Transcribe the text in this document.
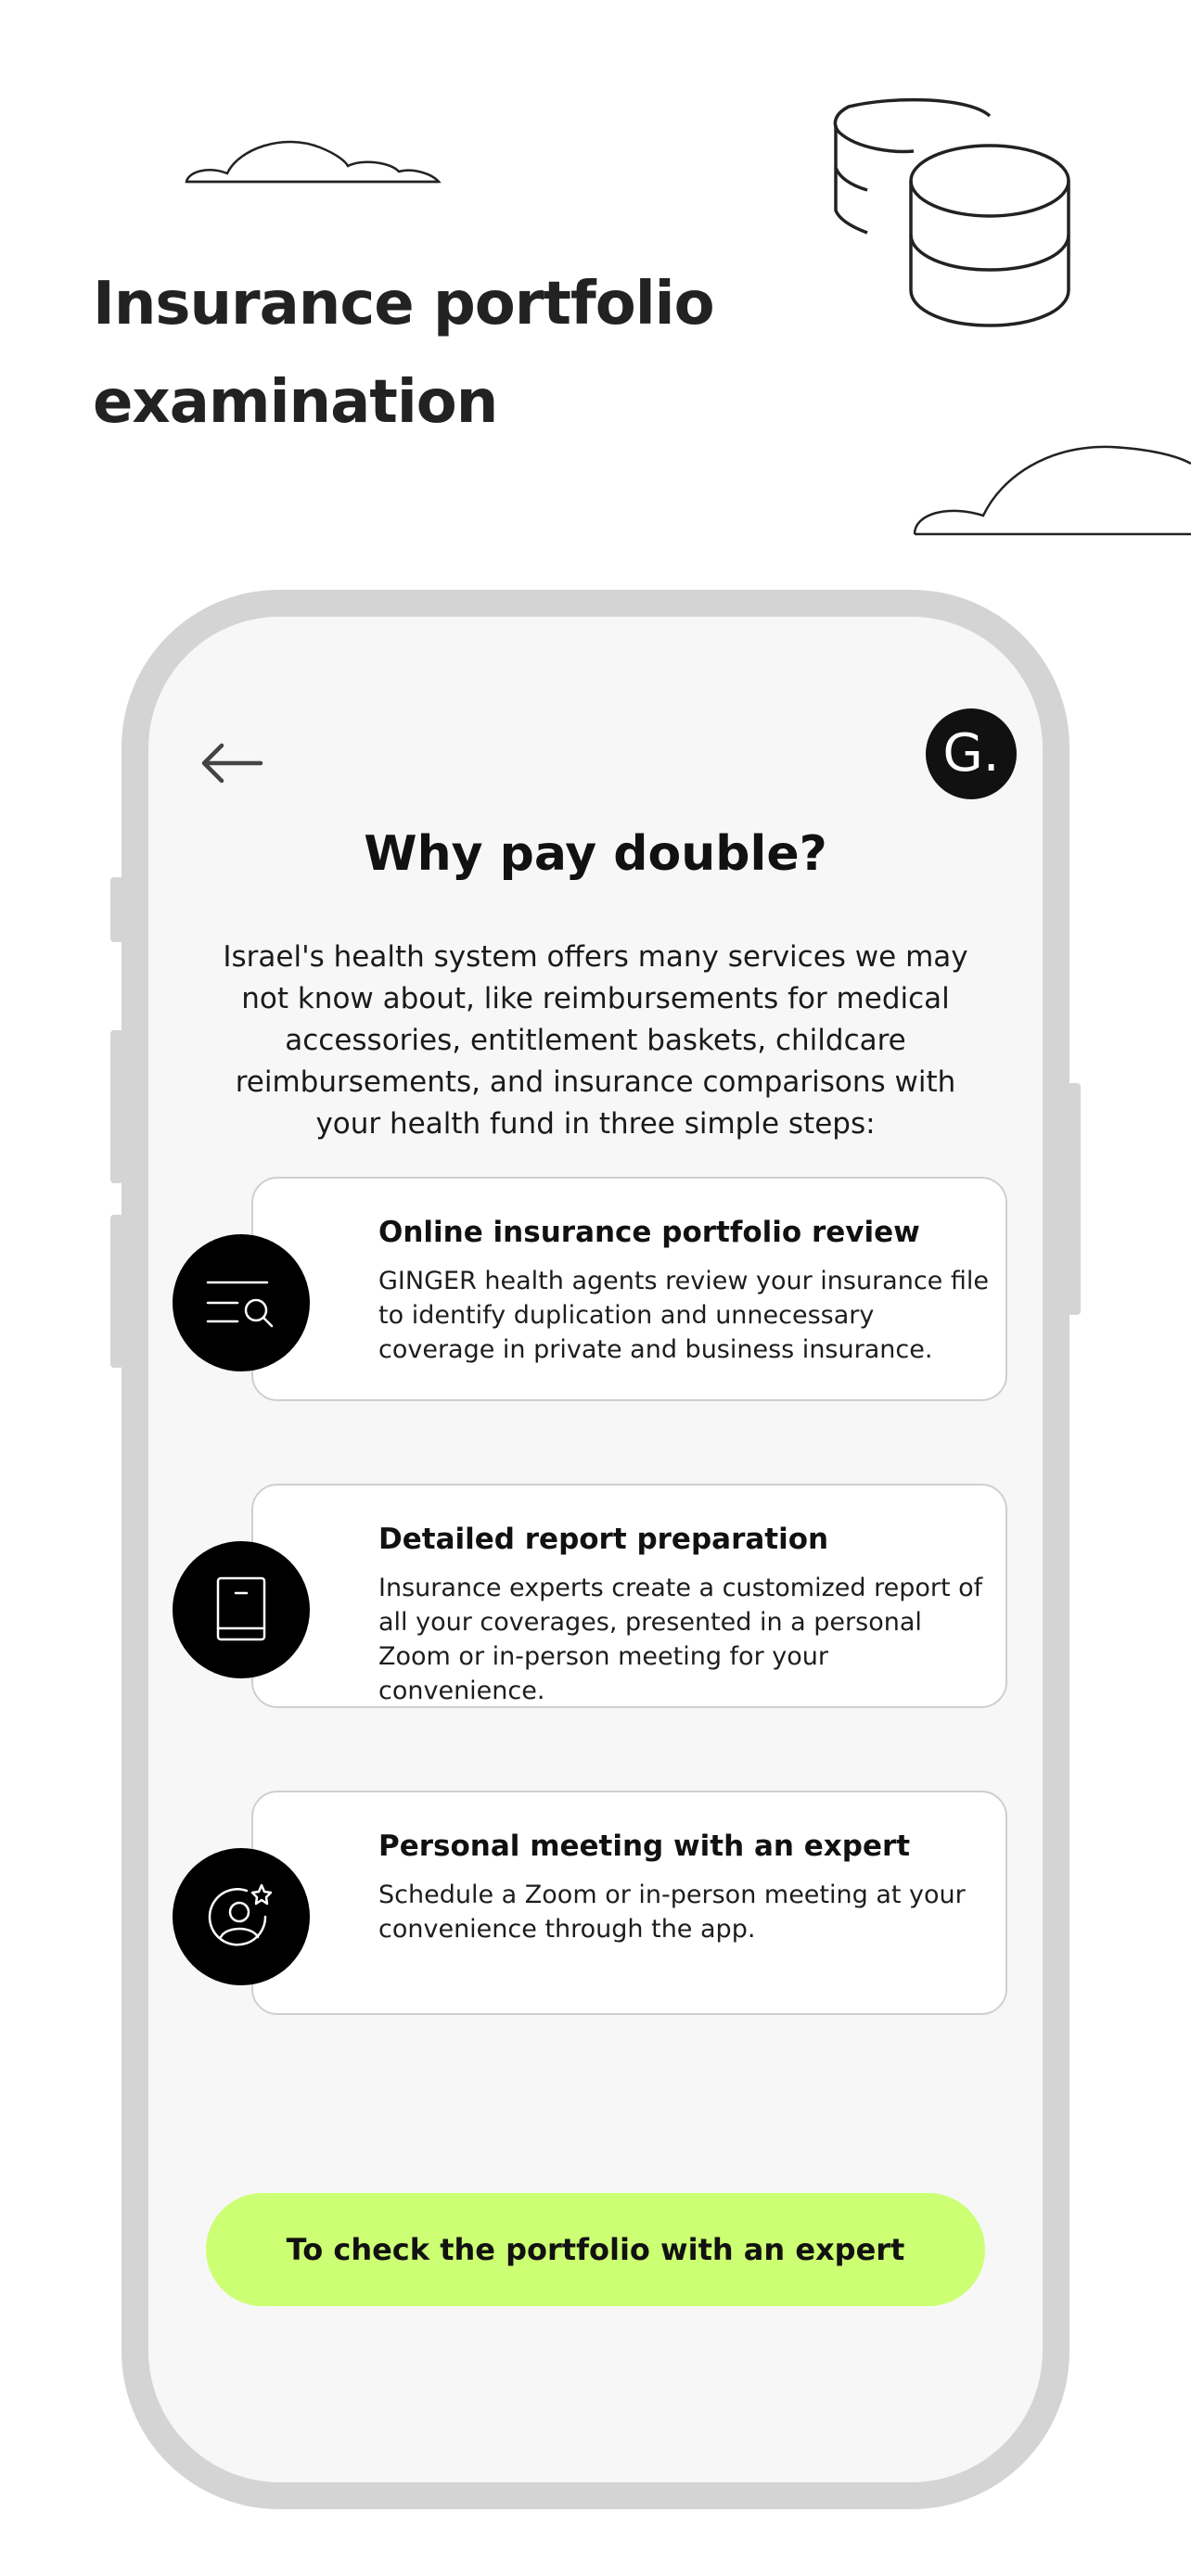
Insurance portfolio examination
G.
Why pay double?
Israel's health system offers many services we may not know about, like reimbursements for medical accessories, entitlement baskets, childcare reimbursements, and insurance comparisons with your health fund in three simple steps:
Online insurance portfolio review
GINGER health agents review your insurance file to identify duplication and unnecessary coverage in private and business insurance.
Detailed report preparation
Insurance experts create a customized report of all your coverages, presented in a personal Zoom or in-person meeting for your convenience.
Personal meeting with an expert
Schedule a Zoom or in-person meeting at your convenience through the app.
To check the portfolio with an expert
